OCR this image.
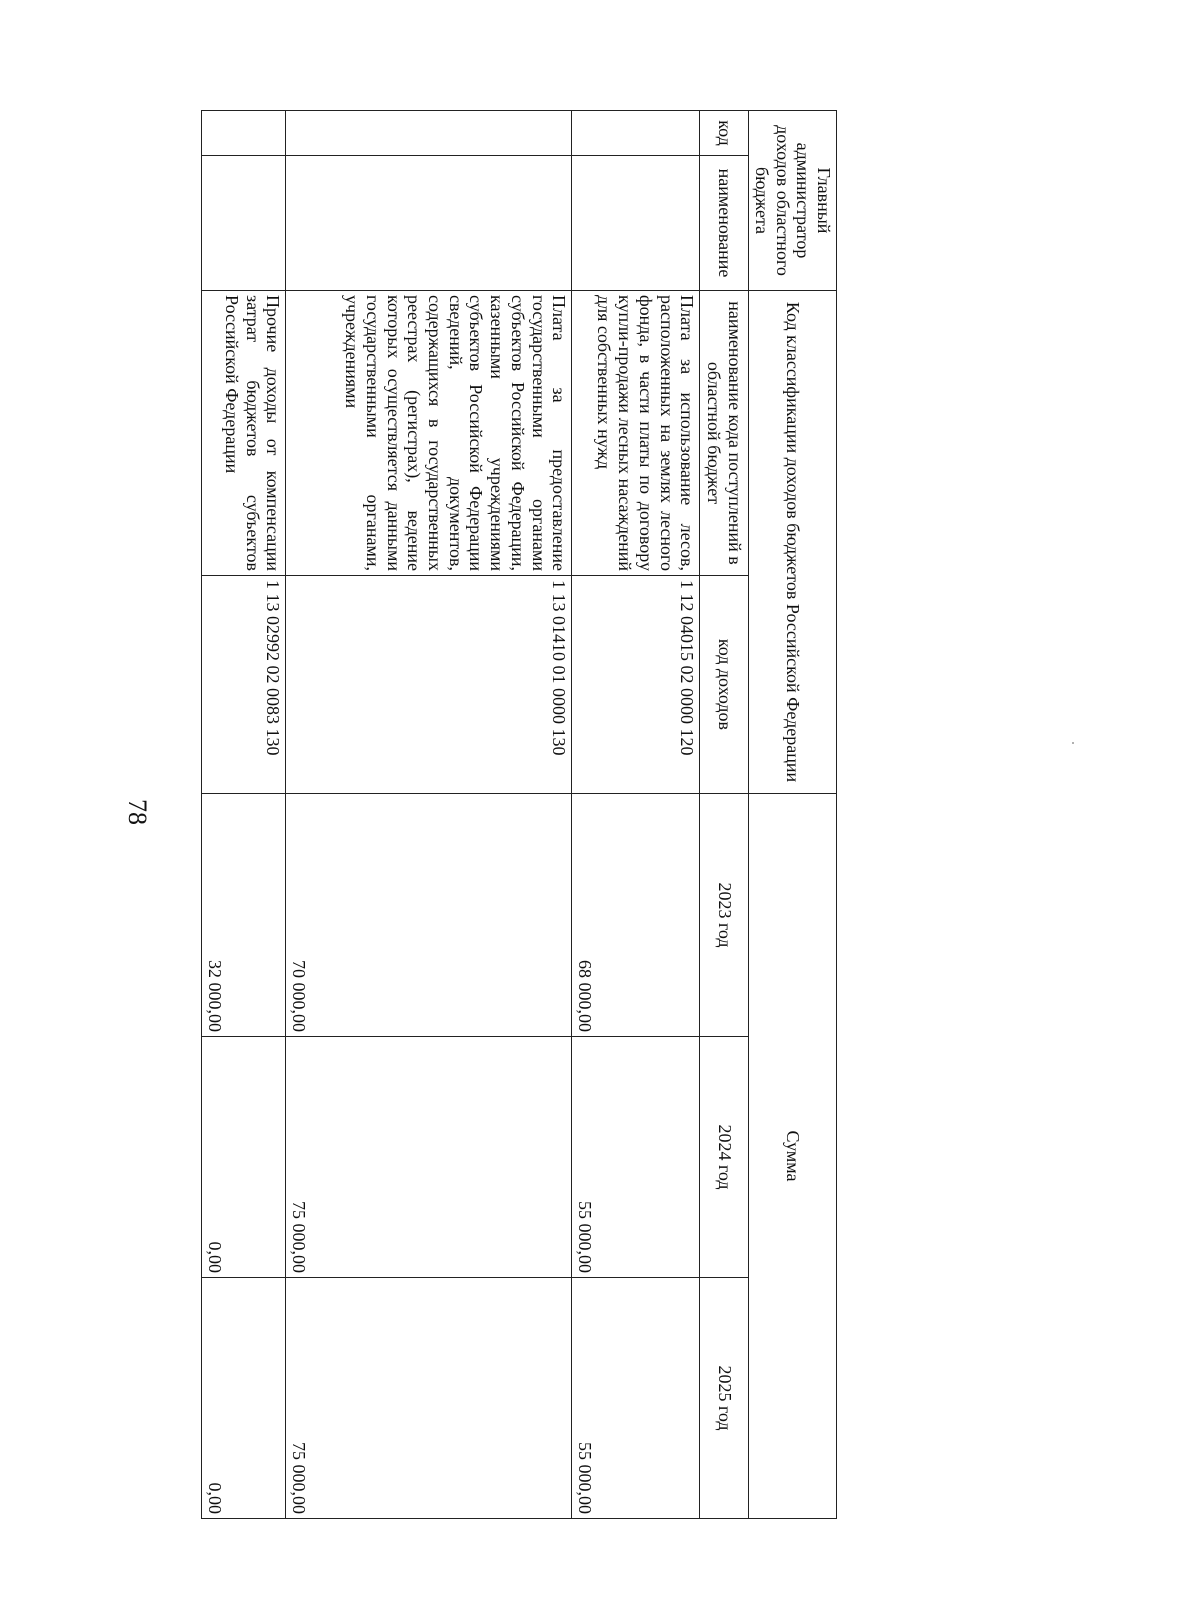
78
Главный администратор доходов областного бюджета		Код классификации доходов бюджетов Российской Федерации		Сумма		
код	наименование	наименование кода поступлений в областной бюджет	код доходов	2023 год	2024 год	2025 год
		Плата за использование лесов, расположенных на землях лесного фонда, в части платы по договору купли-продажи лесных насаждений для собственных нужд	1 12 04015 02 0000 120	68 000,00	55 000,00	55 000,00
		Плата за предоставление государственными органами субъектов Российской Федерации, казенными учреждениями субъектов Российской Федерации сведений, документов, содержащихся в государственных реестрах (регистрах), ведение которых осуществляется данными государственными органами, учреждениями	1 13 01410 01 0000 130	70 000,00	75 000,00	75 000,00
		Прочие доходы от компенсации затрат бюджетов субъектов Российской Федерации	1 13 02992 02 0083 130	32 000,00	0,00	0,00
